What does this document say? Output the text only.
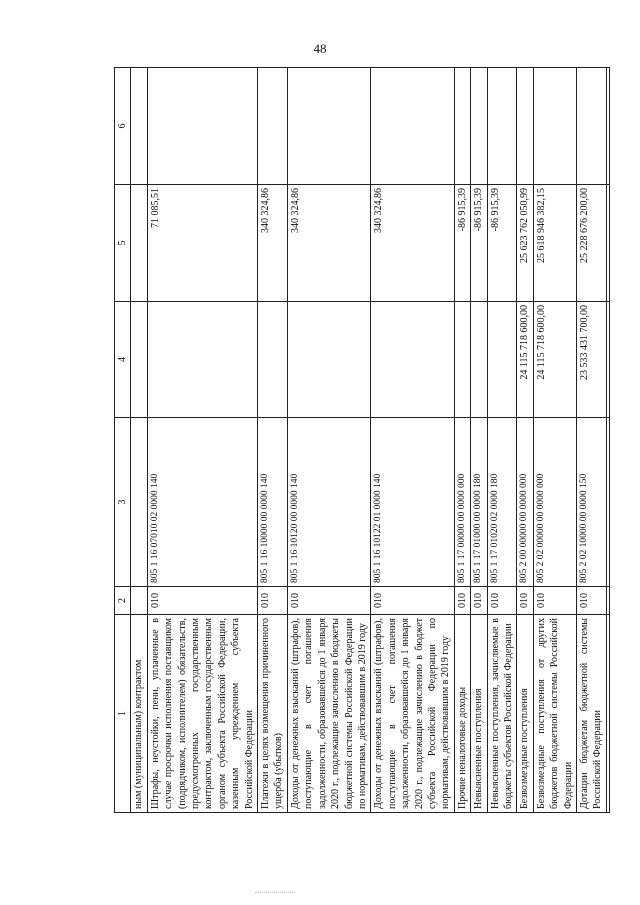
48
1	2	3	4	5	6
ным (муниципальным) контрактом					
Штрафы, неустойки, пени, уплаченные в случае просрочки исполнения поставщиком (подрядчиком, исполнителем) обязательств, предусмотренных государственным контрактом, заключенным государственным органом субъекта Российской Федерации, казенным учреждением субъекта Российской Федерации	010	805 1 16 07010 02 0000 140		71 085,51	
Платежи в целях возмещения причиненного ущерба (убытков)	010	805 1 16 10000 00 0000 140		340 324,86	
Доходы от денежных взысканий (штрафов), поступающие в счет погашения задолженности, образовавшейся до 1 января 2020 г., подлежащие зачислению в бюджеты бюджетной системы Российской Федерации по нормативам, действовавшим в 2019 году	010	805 1 16 10120 00 0000 140		340 324,86	
Доходы от денежных взысканий (штрафов), поступающие в счет погашения задолженности, образовавшейся до 1 января 2020 г., подлежащие зачислению в бюджет субъекта Российской Федерации по нормативам, действовавшим в 2019 году	010	805 1 16 10122 01 0000 140		340 324,86	
Прочие неналоговые доходы	010	805 1 17 00000 00 0000 000		-86 915,39	
Невыясненные поступления	010	805 1 17 01000 00 0000 180		-86 915,39	
Невыясненные поступления, зачисляемые в бюджеты субъектов Российской Федерации	010	805 1 17 01020 02 0000 180		-86 915,39	
Безвозмездные поступления	010	805 2 00 00000 00 0000 000	24 115 718 600,00	25 623 762 050,99	
Безвозмездные поступления от других бюджетов бюджетной системы Российской Федерации	010	805 2 02 00000 00 0000 000	24 115 718 600,00	25 618 946 382,15	
Дотации бюджетам бюджетной системы Российской Федерации	010	805 2 02 10000 00 0000 150	23 533 431 700,00	25 228 676 200,00	
